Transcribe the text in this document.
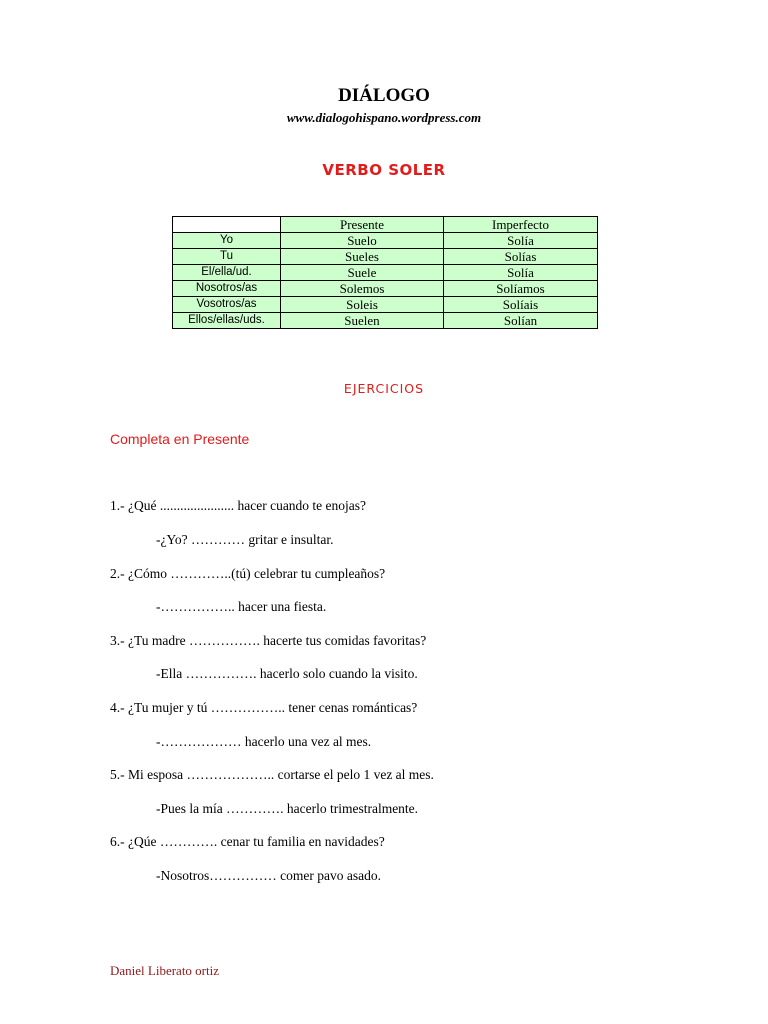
DIÁLOGO
www.dialogohispano.wordpress.com
VERBO SOLER
	Presente	Imperfecto
Yo	Suelo	Solía
Tu	Sueles	Solías
El/ella/ud.	Suele	Solía
Nosotros/as	Solemos	Solíamos
Vosotros/as	Soleis	Solíais
Ellos/ellas/uds.	Suelen	Solían
EJERCICIOS
Completa en Presente
1.- ¿Qué ...................... hacer cuando te enojas?
-¿Yo? ………… gritar e insultar.
2.- ¿Cómo …………..(tú) celebrar tu cumpleaños?
-…………….. hacer una fiesta.
3.- ¿Tu madre ……………. hacerte tus comidas favoritas?
-Ella ……………. hacerlo solo cuando la visito.
4.- ¿Tu mujer y tú …………….. tener cenas románticas?
-……………… hacerlo una vez al mes.
5.- Mi esposa ……………….. cortarse el pelo 1 vez al mes.
-Pues la mía …………. hacerlo trimestralmente.
6.- ¿Qúe …………. cenar tu familia en navidades?
-Nosotros…………… comer pavo asado.
Daniel Liberato ortiz
